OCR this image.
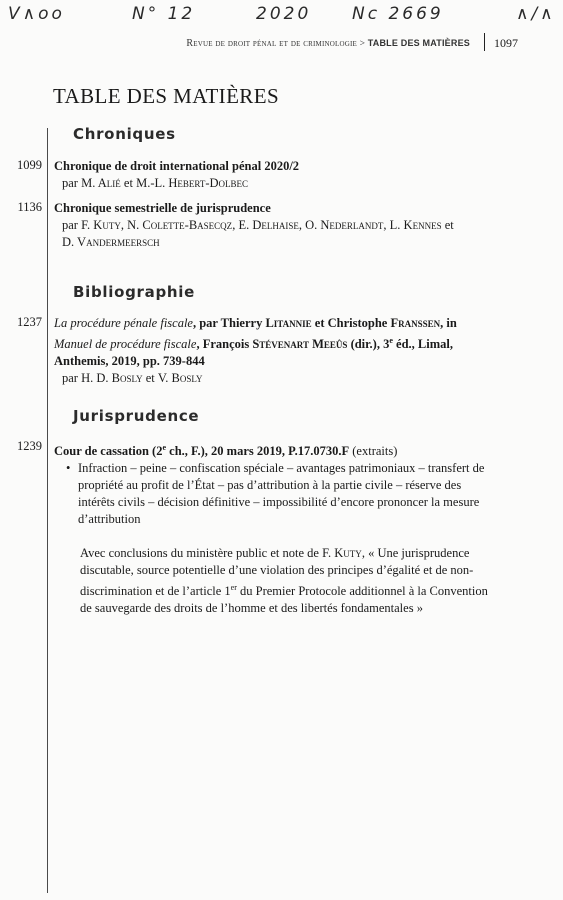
V∧oo	N° 12	2020 Nc 2669	∧/∧
Revue de droit pénal et de criminologie > TABLE DES MATIÈRES 1097
TABLE DES MATIÈRES
Chroniques
1099 Chronique de droit international pénal 2020/2
par M. Alié et M.-L. Hebert-Dolbec
1136 Chronique semestrielle de jurisprudence
par F. Kuty, N. Colette-Basecqz, E. Delhaise, O. Nederlandt, L. Kennes et
D. Vandermeersch
Bibliographie
1237 La procédure pénale fiscale, par Thierry Litannie et Christophe Franssen, in Manuel de procédure fiscale, François Stévenart Meeûs (dir.), 3e éd., Limal, Anthemis, 2019, pp. 739-844
par H. D. Bosly et V. Bosly
Jurisprudence
1239 Cour de cassation (2e ch., F.), 20 mars 2019, P.17.0730.F (extraits)
• Infraction – peine – confiscation spéciale – avantages patrimoniaux – transfert de propriété au profit de l’État – pas d’attribution à la partie civile – réserve des intérêts civils – décision définitive – impossibilité d’encore prononcer la mesure d’attribution
Avec conclusions du ministère public et note de F. Kuty, « Une jurisprudence discutable, source potentielle d’une violation des principes d’égalité et de non-discrimination et de l’article 1er du Premier Protocole additionnel à la Convention de sauvegarde des droits de l’homme et des libertés fondamentales »
